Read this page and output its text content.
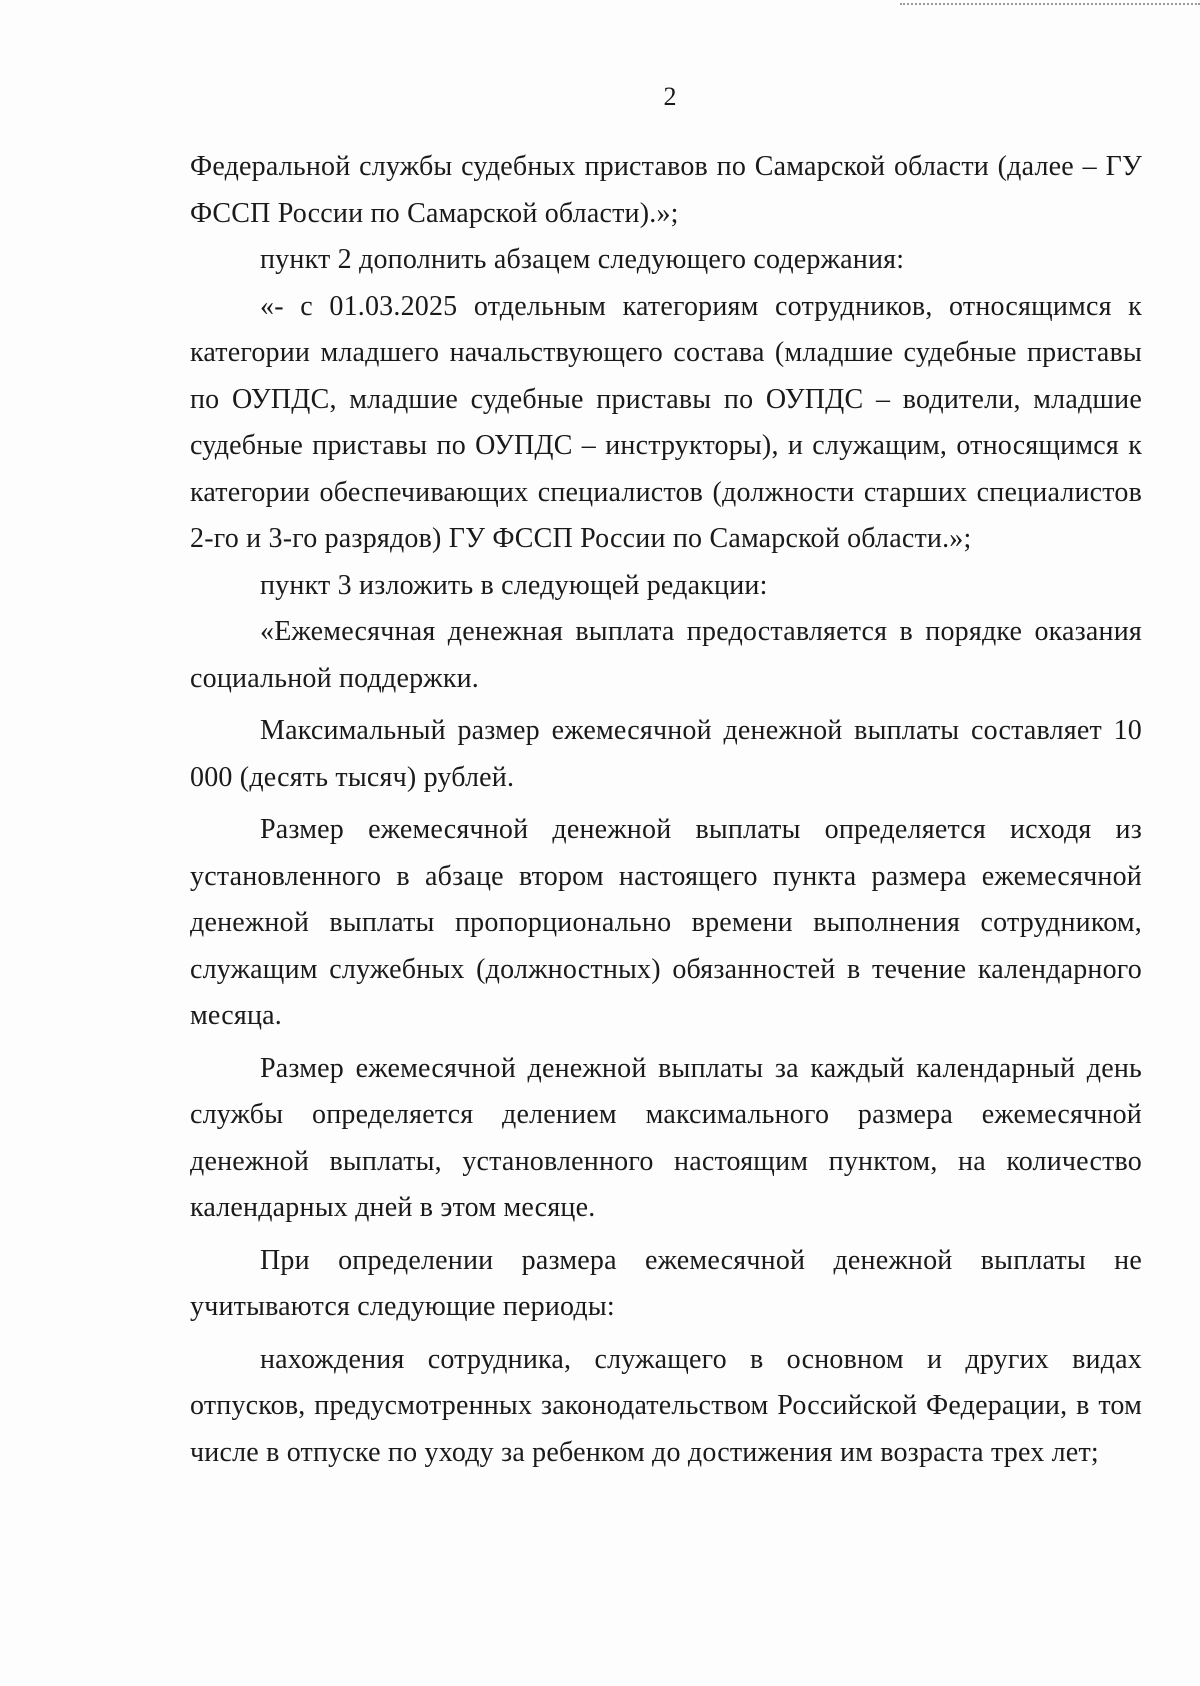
2

Федеральной службы судебных приставов по Самарской области (далее – ГУ ФССП России по Самарской области).»;

пункт 2 дополнить абзацем следующего содержания:

«- с 01.03.2025 отдельным категориям сотрудников, относящимся к категории младшего начальствующего состава (младшие судебные приставы по ОУПДС, младшие судебные приставы по ОУПДС – водители, младшие судебные приставы по ОУПДС – инструкторы), и служащим, относящимся к категории обеспечивающих специалистов (должности старших специалистов 2-го и 3-го разрядов) ГУ ФССП России по Самарской области.»;

пункт 3 изложить в следующей редакции:

«Ежемесячная денежная выплата предоставляется в порядке оказания социальной поддержки.

Максимальный размер ежемесячной денежной выплаты составляет 10 000 (десять тысяч) рублей.

Размер ежемесячной денежной выплаты определяется исходя из установленного в абзаце втором настоящего пункта размера ежемесячной денежной выплаты пропорционально времени выполнения сотрудником, служащим служебных (должностных) обязанностей в течение календарного месяца.

Размер ежемесячной денежной выплаты за каждый календарный день службы определяется делением максимального размера ежемесячной денежной выплаты, установленного настоящим пунктом, на количество календарных дней в этом месяце.

При определении размера ежемесячной денежной выплаты не учитываются следующие периоды:

нахождения сотрудника, служащего в основном и других видах отпусков, предусмотренных законодательством Российской Федерации, в том числе в отпуске по уходу за ребенком до достижения им возраста трех лет;
